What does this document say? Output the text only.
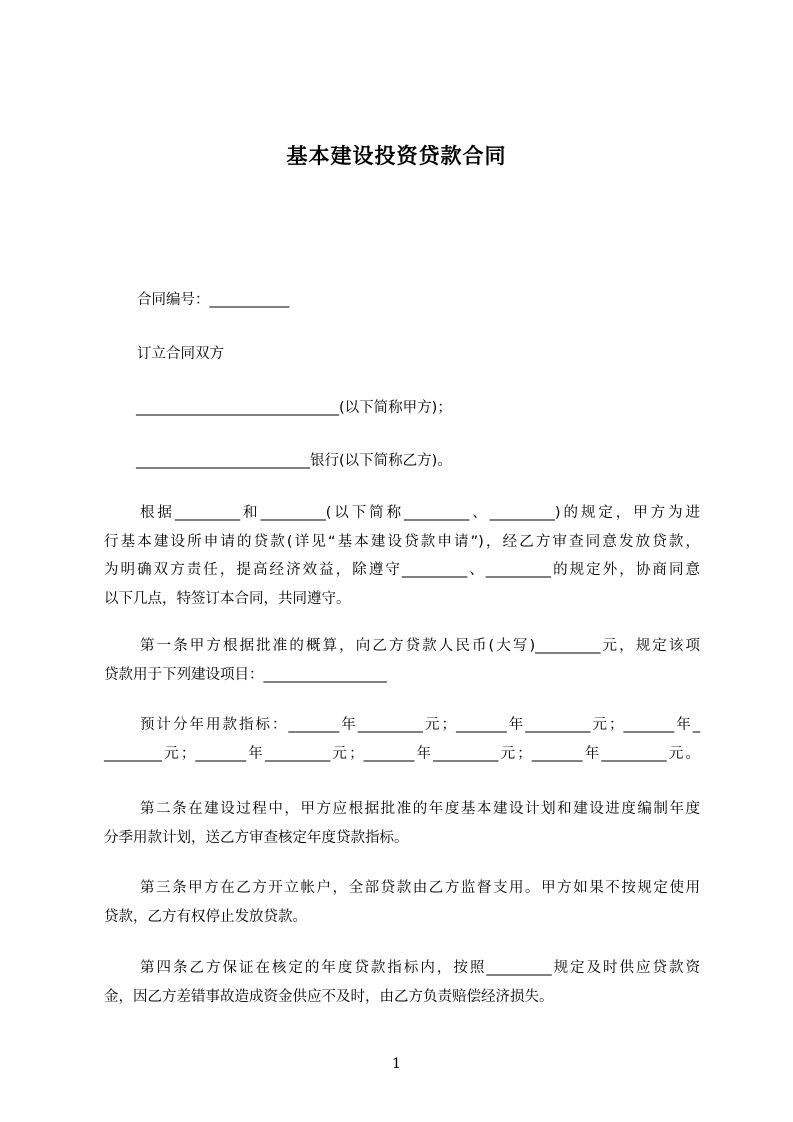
基本建设投资贷款合同
合同编号：___________
订立合同双方
____________________________(以下简称甲方)；
________________________银行(以下简称乙方)。
根据_________和_________(以下简称_________、_________)的规定，甲方为进
行基本建设所申请的贷款(详见“基本建设贷款申请”)，经乙方审查同意发放贷款，
为明确双方责任，提高经济效益，除遵守_________、_________的规定外，协商同意
以下几点，特签订本合同，共同遵守。
第一条甲方根据批准的概算，向乙方贷款人民币(大写)_________元，规定该项
贷款用于下列建设项目：_________________
预计分年用款指标：_______年_________元；_______年_________元；_______年_
________元；_______年_________元；_______年_________元；_______年_________元。
第二条在建设过程中，甲方应根据批准的年度基本建设计划和建设进度编制年度
分季用款计划，送乙方审查核定年度贷款指标。
第三条甲方在乙方开立帐户，全部贷款由乙方监督支用。甲方如果不按规定使用
贷款，乙方有权停止发放贷款。
第四条乙方保证在核定的年度贷款指标内，按照_________规定及时供应贷款资
金，因乙方差错事故造成资金供应不及时，由乙方负责赔偿经济损失。
1
